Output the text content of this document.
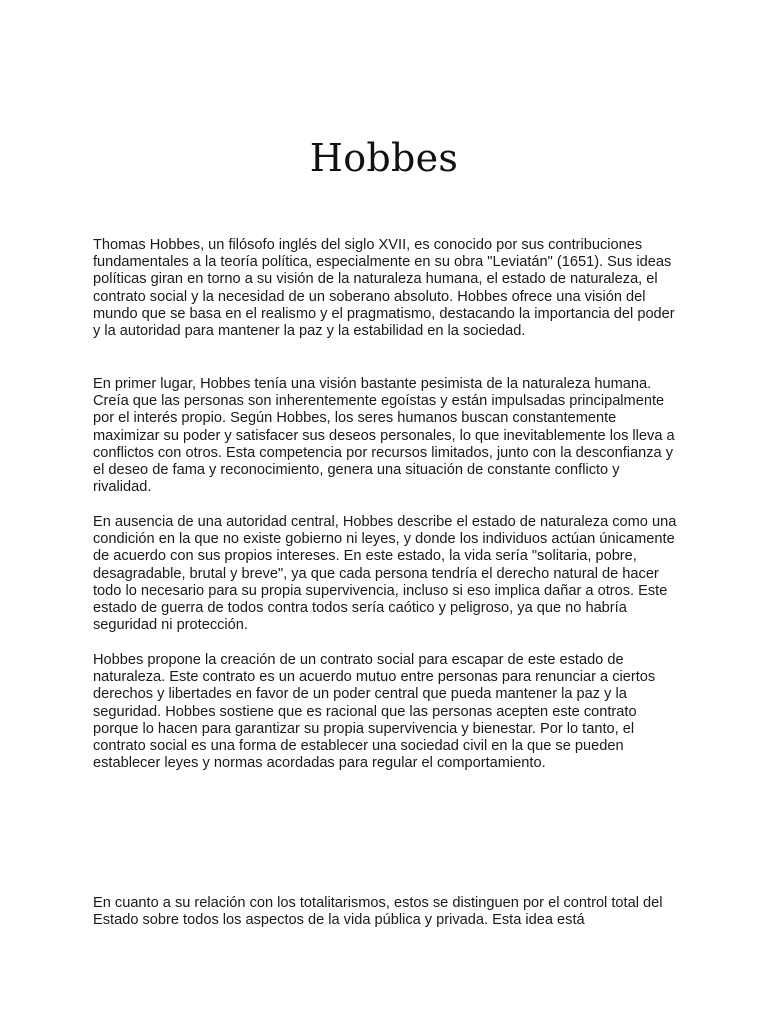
Hobbes

Thomas Hobbes, un filósofo inglés del siglo XVII, es conocido por sus contribuciones fundamentales a la teoría política, especialmente en su obra "Leviatán" (1651). Sus ideas políticas giran en torno a su visión de la naturaleza humana, el estado de naturaleza, el contrato social y la necesidad de un soberano absoluto. Hobbes ofrece una visión del mundo que se basa en el realismo y el pragmatismo, destacando la importancia del poder y la autoridad para mantener la paz y la estabilidad en la sociedad.

En primer lugar, Hobbes tenía una visión bastante pesimista de la naturaleza humana. Creía que las personas son inherentemente egoístas y están impulsadas principalmente por el interés propio. Según Hobbes, los seres humanos buscan constantemente maximizar su poder y satisfacer sus deseos personales, lo que inevitablemente los lleva a conflictos con otros. Esta competencia por recursos limitados, junto con la desconfianza y el deseo de fama y reconocimiento, genera una situación de constante conflicto y rivalidad.

En ausencia de una autoridad central, Hobbes describe el estado de naturaleza como una condición en la que no existe gobierno ni leyes, y donde los individuos actúan únicamente de acuerdo con sus propios intereses. En este estado, la vida sería "solitaria, pobre, desagradable, brutal y breve", ya que cada persona tendría el derecho natural de hacer todo lo necesario para su propia supervivencia, incluso si eso implica dañar a otros. Este estado de guerra de todos contra todos sería caótico y peligroso, ya que no habría seguridad ni protección.

Hobbes propone la creación de un contrato social para escapar de este estado de naturaleza. Este contrato es un acuerdo mutuo entre personas para renunciar a ciertos derechos y libertades en favor de un poder central que pueda mantener la paz y la seguridad. Hobbes sostiene que es racional que las personas acepten este contrato porque lo hacen para garantizar su propia supervivencia y bienestar. Por lo tanto, el contrato social es una forma de establecer una sociedad civil en la que se pueden establecer leyes y normas acordadas para regular el comportamiento.

En cuanto a su relación con los totalitarismos, estos se distinguen por el control total del Estado sobre todos los aspectos de la vida pública y privada. Esta idea está
